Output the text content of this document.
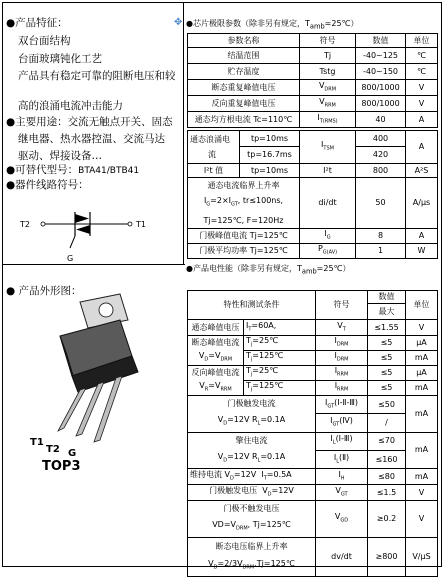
✥
●产品特征：
双台面结构
台面玻璃钝化工艺
产品具有稳定可靠的阻断电压和较
高的浪涌电流冲击能力
●主要用途：交流无触点开关、固态
继电器、热水器控温、交流马达
驱动、焊接设备…
●可替代型号：BTA41/BTB41
●器件线路符号：
T2	T1
G
● 产品外形图：
T1
T2 G
TOP3
●芯片极限参数（除非另有规定，$T_{amb}=25℃$）
参数名称	符号	数值	单位
结温范围	Tj	-40~125	℃
贮存温度	Tstg	-40~150	℃
断态重复峰值电压	$V_{DRM}$	800/1000	V
反向重复峰值电压	$V_{RRM}$	800/1000	V
通态均方根电流 Tc=110℃	$I_{T(RMS)}$	40	A
通态浪涌电
流	tp=10ms	$I_{TSM}$	400	A
	tp=16.7ms		420	
I²t 值	tp=10ms	I²t	800	A²S
通态电流临界上升率
$I_G=2\times I_{GT}$, tr≤100ns,
Tj=125℃, F=120Hz	di/dt	50	A/μs
门极峰值电流 Tj=125℃	$I_G$	8	A
门极平均功率 Tj=125℃	$P_{G(AV)}$	1	W
●产品电性能（除非另有规定，$T_{amb}=25℃$）
特性和测试条件		符号	数值	单位
			最大	
通态峰值电压	$I_T=60A$,	$V_T$	≤1.55	V
断态峰值电流	$T_j=25℃$	$I_{DRM}$	≤5	μA
$V_D=V_{DRM}$	$T_j=125℃$	$I_{DRM}$	≤5	mA
反向峰值电流	$T_j=25℃$	$I_{RRM}$	≤5	μA
$V_R=V_{RRM}$	$T_j=125℃$	$I_{RRM}$	≤5	mA
门极触发电流
$V_D=12V$ $R_L=0.1A$		$I_{GT}(Ⅰ-Ⅱ-Ⅲ)$	≤50	mA
		$I_{GT}(Ⅳ)$	/	
擎住电流
$V_D=12V$ $R_L=0.1A$		$I_L(Ⅰ-Ⅲ)$	≤70	mA
		$I_L(Ⅱ)$	≤160	
维持电流 $V_D=12V$ $I_T=0.5A$		$I_H$	≤80	mA
门极触发电压 $V_D=12V$		$V_{GT}$	≤1.5	V
门极不触发电压
$VD=V_{DRM}$, Tj=125℃		$V_{GD}$	≥0.2	V
断态电压临界上升率
$V_D=2/3V_{DRM},Tj=125℃$		dv/dt	≥800	V/μS
